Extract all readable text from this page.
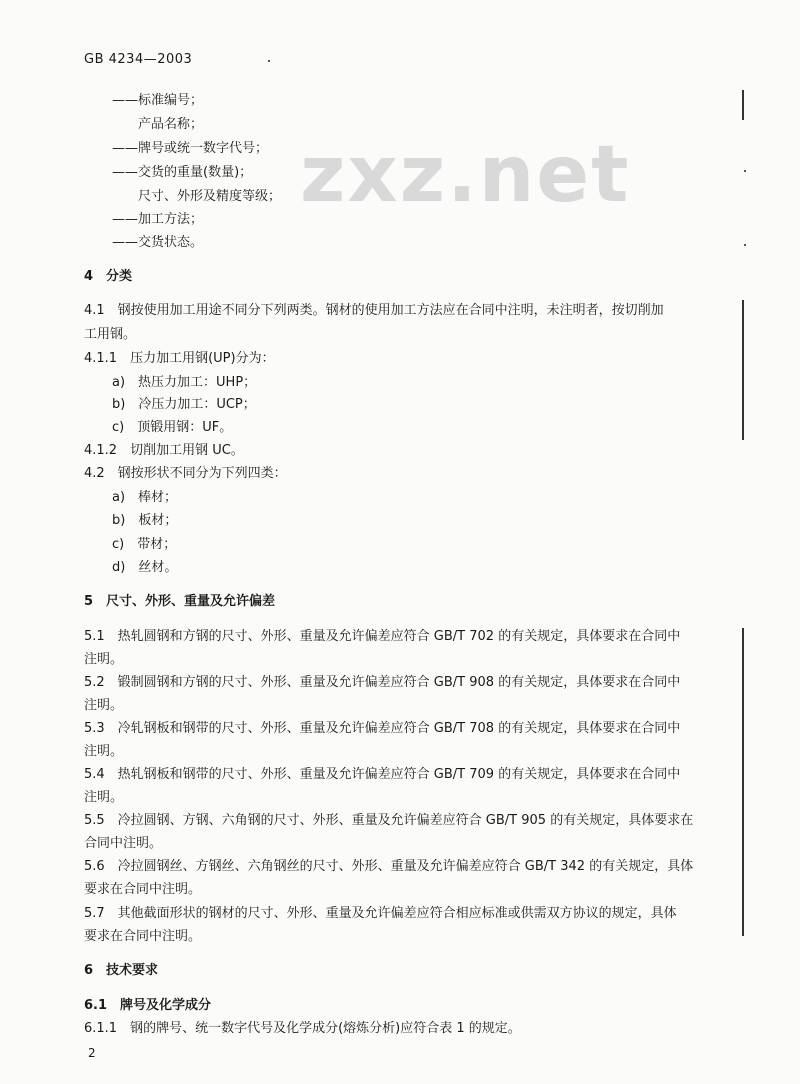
zxz.net
GB 4234—2003
——标准编号；
产品名称；
——牌号或统一数字代号；
——交货的重量(数量)；
尺寸、外形及精度等级；
——加工方法；
——交货状态。
4　分类
4.1　钢按使用加工用途不同分下列两类。钢材的使用加工方法应在合同中注明，未注明者，按切削加
工用钢。
4.1.1　压力加工用钢(UP)分为：
a)　热压力加工：UHP；
b)　冷压力加工：UCP；
c)　顶锻用钢：UF。
4.1.2　切削加工用钢 UC。
4.2　钢按形状不同分为下列四类：
a)　棒材；
b)　板材；
c)　带材；
d)　丝材。
5　尺寸、外形、重量及允许偏差
5.1　热轧圆钢和方钢的尺寸、外形、重量及允许偏差应符合 GB/T 702 的有关规定，具体要求在合同中
注明。
5.2　锻制圆钢和方钢的尺寸、外形、重量及允许偏差应符合 GB/T 908 的有关规定，具体要求在合同中
注明。
5.3　冷轧钢板和钢带的尺寸、外形、重量及允许偏差应符合 GB/T 708 的有关规定，具体要求在合同中
注明。
5.4　热轧钢板和钢带的尺寸、外形、重量及允许偏差应符合 GB/T 709 的有关规定，具体要求在合同中
注明。
5.5　冷拉圆钢、方钢、六角钢的尺寸、外形、重量及允许偏差应符合 GB/T 905 的有关规定，具体要求在
合同中注明。
5.6　冷拉圆钢丝、方钢丝、六角钢丝的尺寸、外形、重量及允许偏差应符合 GB/T 342 的有关规定，具体
要求在合同中注明。
5.7　其他截面形状的钢材的尺寸、外形、重量及允许偏差应符合相应标准或供需双方协议的规定，具体
要求在合同中注明。
6　技术要求
6.1　牌号及化学成分
6.1.1　钢的牌号、统一数字代号及化学成分(熔炼分析)应符合表 1 的规定。
2
